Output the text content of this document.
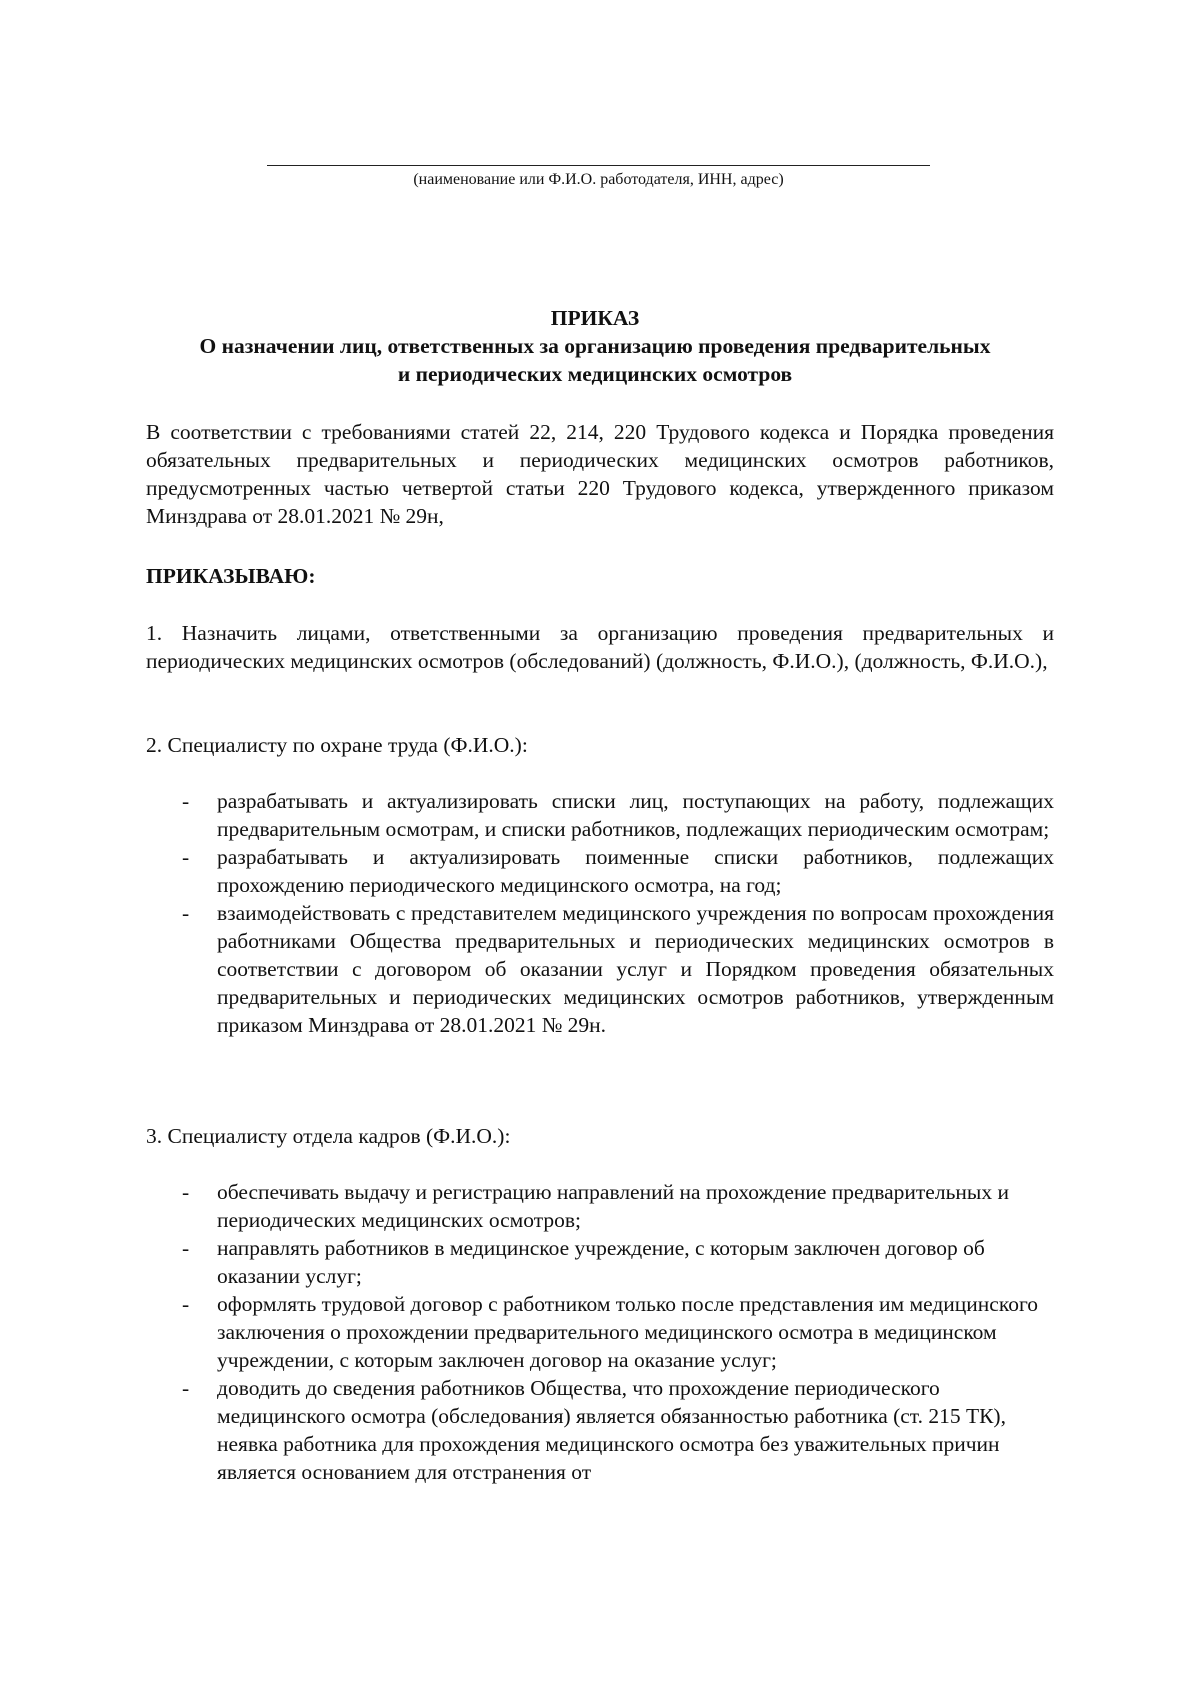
(наименование или Ф.И.О. работодателя, ИНН, адрес)
ПРИКАЗ
О назначении лиц, ответственных за организацию проведения предварительных
и периодических медицинских осмотров
В соответствии с требованиями статей 22, 214, 220 Трудового кодекса и Порядка проведения обязательных предварительных и периодических медицинских осмотров работников, предусмотренных частью четвертой статьи 220 Трудового кодекса, утвержденного приказом Минздрава от 28.01.2021 № 29н,
ПРИКАЗЫВАЮ:
1. Назначить лицами, ответственными за организацию проведения предварительных и периодических медицинских осмотров (обследований) (должность, Ф.И.О.), (должность, Ф.И.О.),
2. Специалисту по охране труда (Ф.И.О.):
- разрабатывать и актуализировать списки лиц, поступающих на работу, подлежащих предварительным осмотрам, и списки работников, подлежащих периодическим осмотрам;
- разрабатывать и актуализировать поименные списки работников, подлежащих прохождению периодического медицинского осмотра, на год;
- взаимодействовать с представителем медицинского учреждения по вопросам прохождения работниками Общества предварительных и периодических медицинских осмотров в соответствии с договором об оказании услуг и Порядком проведения обязательных предварительных и периодических медицинских осмотров работников, утвержденным приказом Минздрава от 28.01.2021 № 29н.
3. Специалисту отдела кадров (Ф.И.О.):
- обеспечивать выдачу и регистрацию направлений на прохождение предварительных и периодических медицинских осмотров;
- направлять работников в медицинское учреждение, с которым заключен договор об оказании услуг;
- оформлять трудовой договор с работником только после представления им медицинского заключения о прохождении предварительного медицинского осмотра в медицинском учреждении, с которым заключен договор на оказание услуг;
- доводить до сведения работников Общества, что прохождение периодического медицинского осмотра (обследования) является обязанностью работника (ст. 215 ТК), неявка работника для прохождения медицинского осмотра без уважительных причин является основанием для отстранения от
